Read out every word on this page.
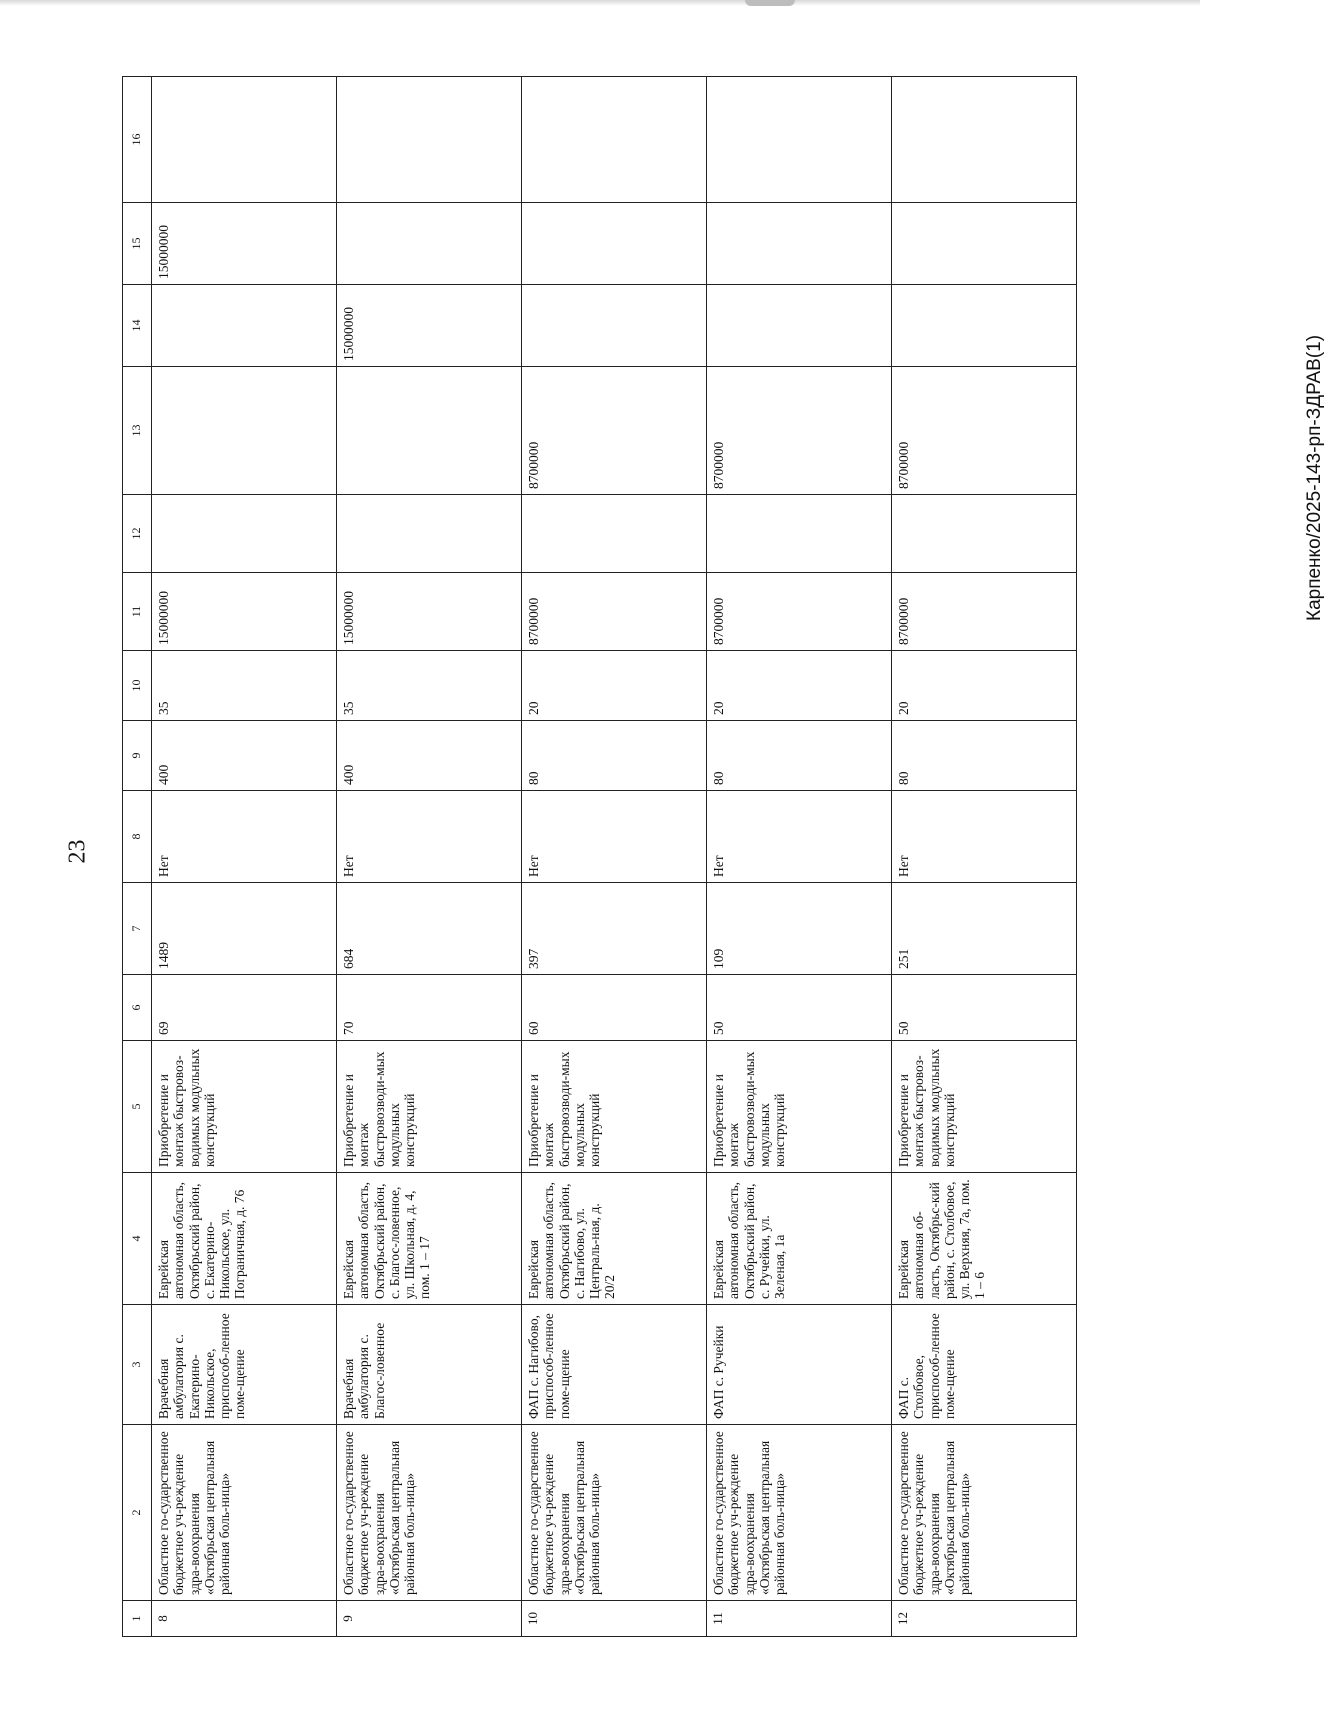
23
Карпенко/2025-143-рп-ЗДРАВ(1)
1	2	3	4	5	6	7	8	9	10	11	12	13	14	15	16
8	Областное го-сударственное бюджетное уч-реждение здра-воохранения «Октябрьская центральная районная боль-ница»	Врачебная амбулатория с. Екатерино-Никольское, приспособ-ленное поме-щение	Еврейская автономная область, Октябрьский район, с. Екатерино-Никольское, ул. Пограничная, д. 76	Приобретение и монтаж быстровоз-водимых модульных конструкций	69	1489	Нет	400	35	15000000				15000000	
9	Областное го-сударственное бюджетное уч-реждение здра-воохранения «Октябрьская центральная районная боль-ница»	Врачебная амбулатория с. Благос-ловенное	Еврейская автономная область, Октябрьский район, с. Благос-ловенное, ул. Школьная, д. 4, пом. 1 – 17	Приобретение и монтаж быстровозводи-мых модульных конструкций	70	684	Нет	400	35	15000000			15000000		
10	Областное го-сударственное бюджетное уч-реждение здра-воохранения «Октябрьская центральная районная боль-ница»	ФАП с. Нагибово, приспособ-ленное поме-щение	Еврейская автономная область, Октябрьский район, с. Нагибово, ул. Централь-ная, д. 20/2	Приобретение и монтаж быстровозводи-мых модульных конструкций	60	397	Нет	80	20	8700000		8700000			
11	Областное го-сударственное бюджетное уч-реждение здра-воохранения «Октябрьская центральная районная боль-ница»	ФАП с. Ручейки	Еврейская автономная область, Октябрьский район, с. Ручейки, ул. Зеленая, 1а	Приобретение и монтаж быстровозводи-мых модульных конструкций	50	109	Нет	80	20	8700000		8700000			
12	Областное го-сударственное бюджетное уч-реждение здра-воохранения «Октябрьская центральная районная боль-ница»	ФАП с. Столбовое, приспособ-ленное поме-щение	Еврейская автономная об-ласть, Октябрьс-кий район, с. Столбовое, ул. Верхняя, 7а, пом. 1 – 6	Приобретение и монтаж быстровоз-водимых модульных конструкций	50	251	Нет	80	20	8700000		8700000			
